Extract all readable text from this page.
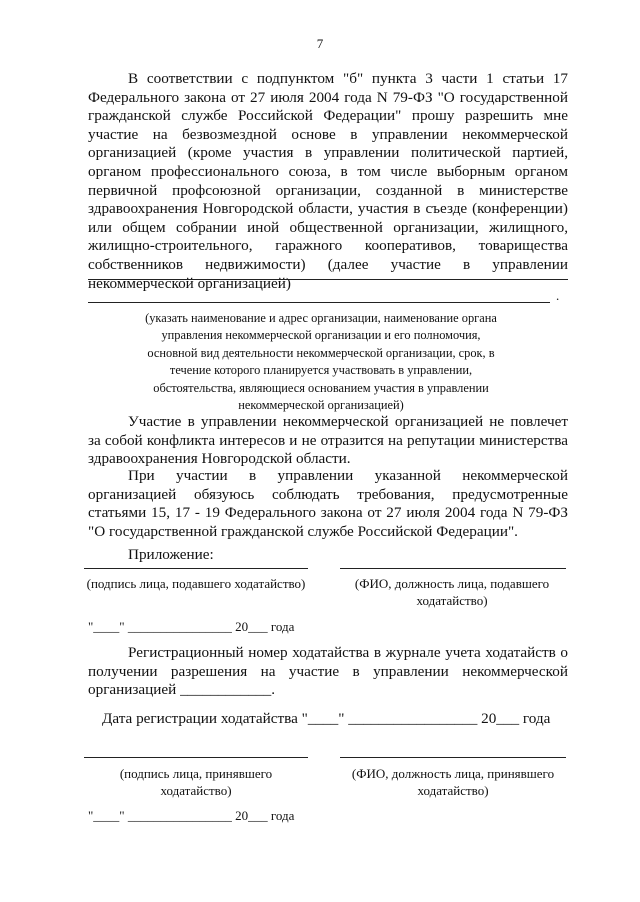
7
В соответствии с подпунктом "б" пункта 3 части 1 статьи 17 Федерального закона от 27 июля 2004 года N 79-ФЗ "О государственной гражданской службе Российской Федерации" прошу разрешить мне участие на безвозмездной основе в управлении некоммерческой организацией (кроме участия в управлении политической партией, органом профессионального союза, в том числе выборным органом первичной профсоюзной организации, созданной в министерстве здравоохранения Новгородской области, участия в съезде (конференции) или общем собрании иной общественной организации, жилищного, жилищно-строительного, гаражного кооперативов, товарищества собственников недвижимости) (далее участие в управлении некоммерческой организацией)
.
(указать наименование и адрес организации, наименование органа управления некоммерческой организации и его полномочия, основной вид деятельности некоммерческой организации, срок, в течение которого планируется участвовать в управлении, обстоятельства, являющиеся основанием участия в управлении некоммерческой организацией)
Участие в управлении некоммерческой организацией не повлечет за собой конфликта интересов и не отразится на репутации министерства здравоохранения Новгородской области.
При участии в управлении указанной некоммерческой организацией обязуюсь соблюдать требования, предусмотренные статьями 15, 17 - 19 Федерального закона от 27 июля 2004 года N 79-ФЗ "О государственной гражданской службе Российской Федерации".
Приложение:
(подпись лица, подавшего ходатайство)	(ФИО, должность лица, подавшего ходатайство)
"____" ________________ 20___ года
Регистрационный номер ходатайства в журнале учета ходатайств о получении разрешения на участие в управлении некоммерческой организацией ____________.
Дата регистрации ходатайства "____" _________________ 20___ года
(подпись лица, принявшего ходатайство)
(ФИО, должность лица, принявшего ходатайство)
"____" ________________ 20___ года
